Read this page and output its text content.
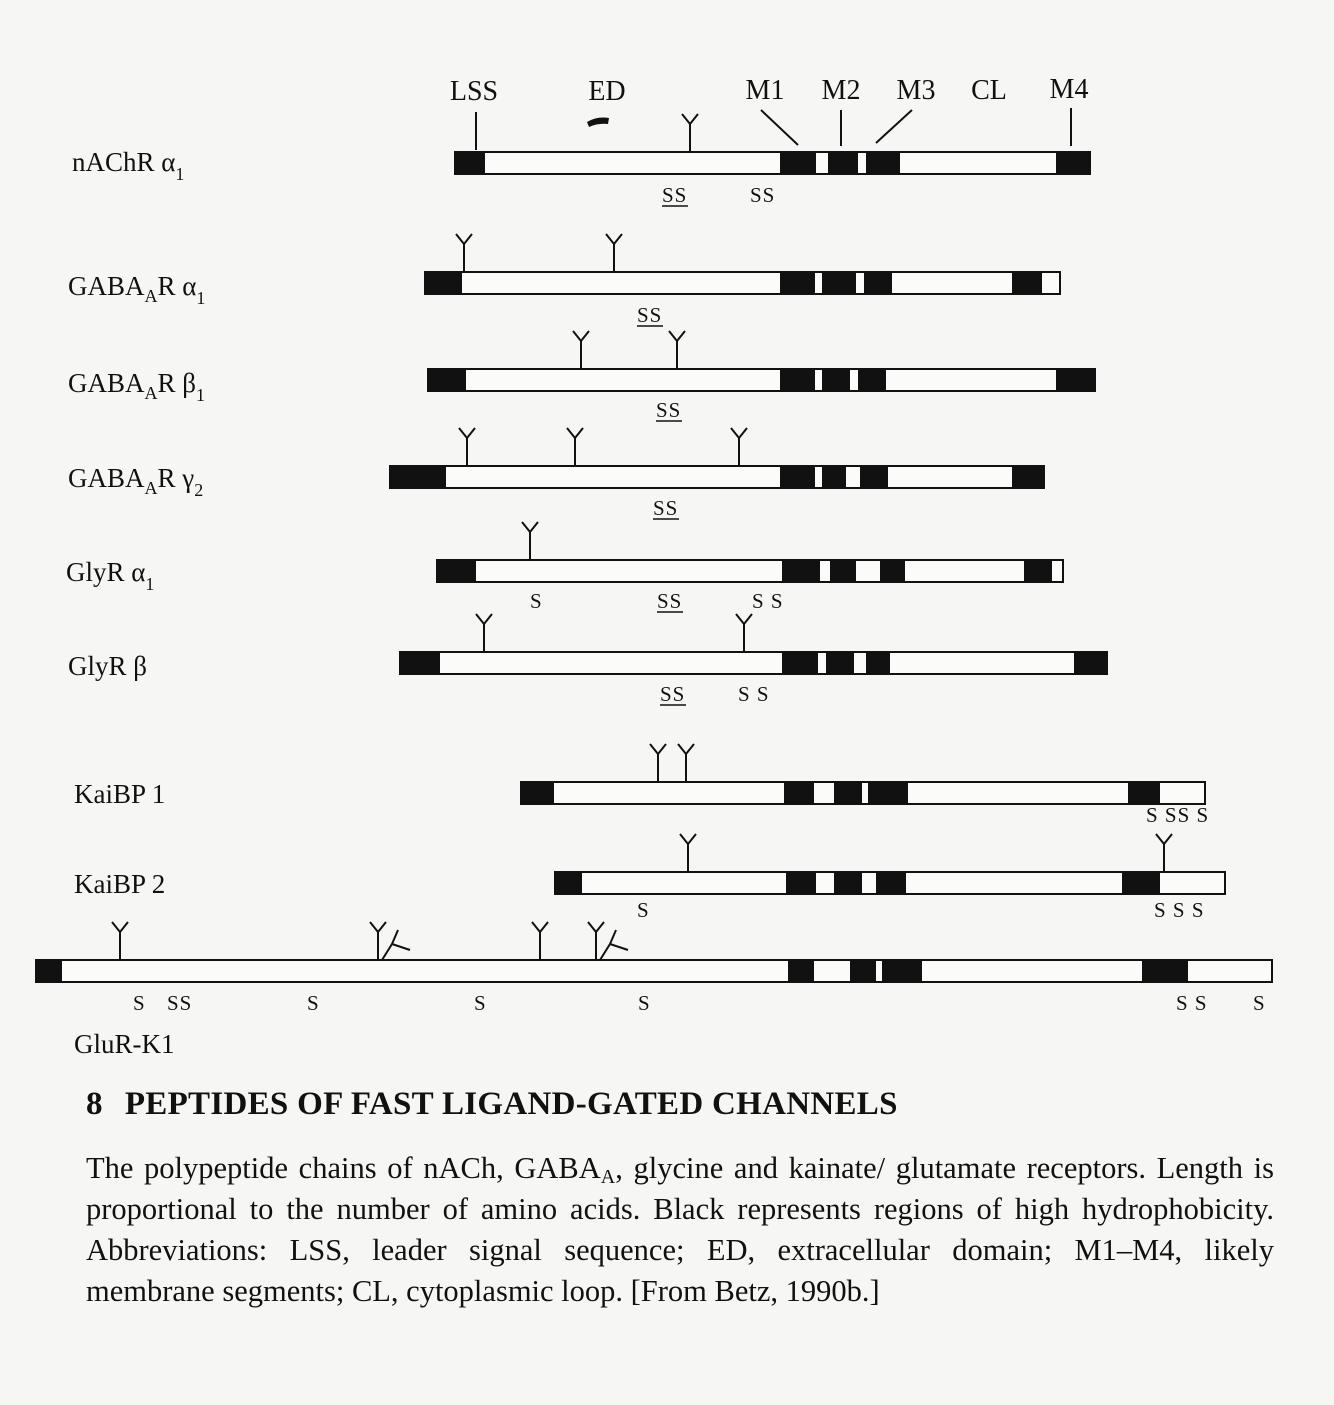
LSS	ED	M1 M2 M3 CL M4
nAChR $\alpha_1$
SS	SS
$GABA_AR$ $\alpha_1$
SS
$GABA_AR$ $\beta_1$
SS
$GABA_AR$ $\gamma_2$
SS
GlyR $\alpha_1$
S	SS	S S
GlyR β
SS	S S
KaiBP 1
S SS S
KaiBP 2
S	S S S
GluR-K1
S SS	S	S	S	S S S
8 PEPTIDES OF FAST LIGAND-GATED CHANNELS
The polypeptide chains of nACh, $GABA_A$, glycine and kainate/ glutamate receptors. Length is proportional to the number of amino acids. Black represents regions of high hydrophobicity. Abbreviations: LSS, leader signal sequence; ED, extracellular domain; M1–M4, likely membrane segments; CL, cytoplasmic loop. [From Betz, 1990b.]
